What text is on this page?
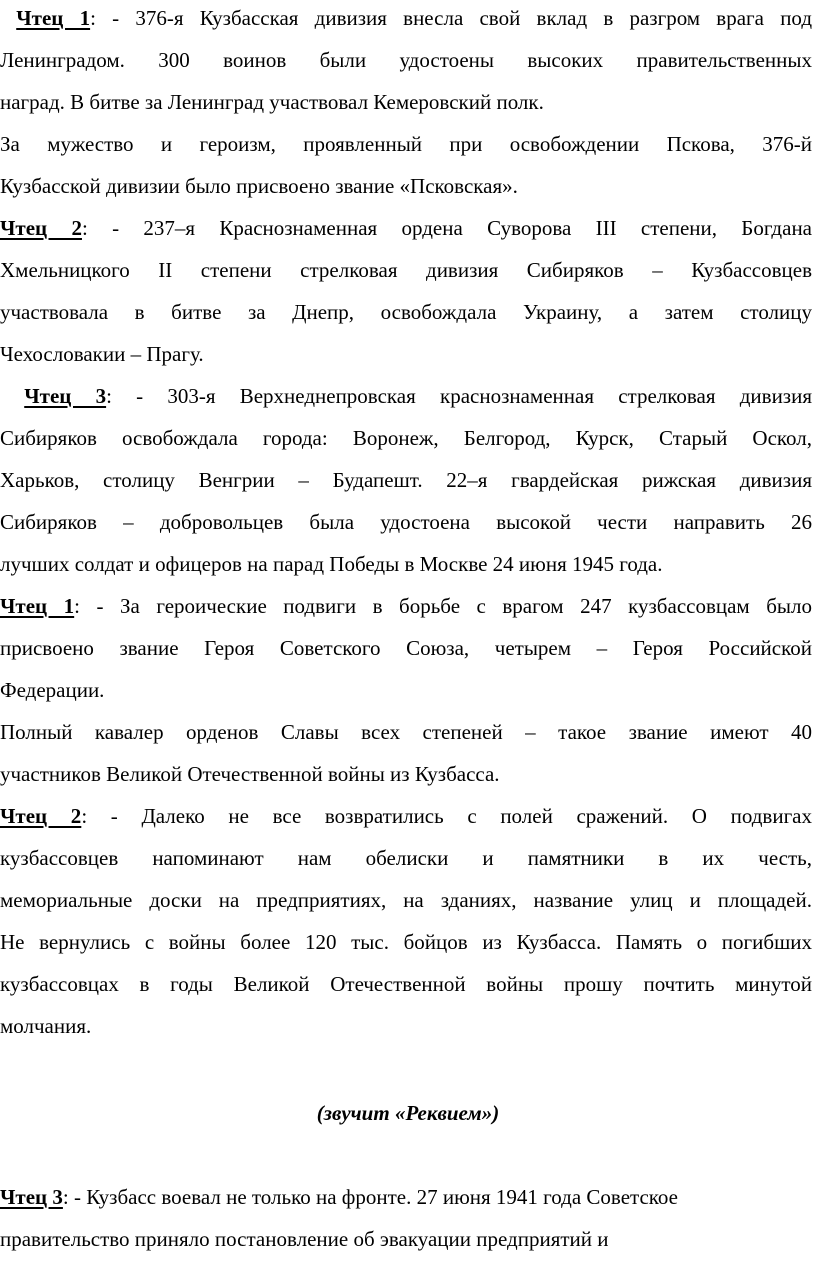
Чтец 1: - 376-я Кузбасская дивизия внесла свой вклад в разгром врага под
Ленинградом. 300 воинов были удостоены высоких правительственных
наград. В битве за Ленинград участвовал Кемеровский полк.
За мужество и героизм, проявленный при освобождении Пскова, 376-й
Кузбасской дивизии было присвоено звание «Псковская».
Чтец 2: - 237–я Краснознаменная ордена Суворова III степени, Богдана
Хмельницкого II степени стрелковая дивизия Сибиряков – Кузбассовцев
участвовала в битве за Днепр, освобождала Украину, а затем столицу
Чехословакии – Прагу.
Чтец 3: - 303-я Верхнеднепровская краснознаменная стрелковая дивизия
Сибиряков освобождала города: Воронеж, Белгород, Курск, Старый Оскол,
Харьков, столицу Венгрии – Будапешт. 22–я гвардейская рижская дивизия
Сибиряков – добровольцев была удостоена высокой чести направить 26
лучших солдат и офицеров на парад Победы в Москве 24 июня 1945 года.
Чтец 1: - За героические подвиги в борьбе с врагом 247 кузбассовцам было
присвоено звание Героя Советского Союза, четырем – Героя Российской
Федерации.
Полный кавалер орденов Славы всех степеней – такое звание имеют 40
участников Великой Отечественной войны из Кузбасса.
Чтец 2: - Далеко не все возвратились с полей сражений. О подвигах
кузбассовцев напоминают нам обелиски и памятники в их честь,
мемориальные доски на предприятиях, на зданиях, название улиц и площадей.
Не вернулись с войны более 120 тыс. бойцов из Кузбасса. Память о погибших
кузбассовцах в годы Великой Отечественной войны прошу почтить минутой
молчания.
(звучит «Реквием»)
Чтец 3: - Кузбасс воевал не только на фронте. 27 июня 1941 года Советское
правительство приняло постановление об эвакуации предприятий и
